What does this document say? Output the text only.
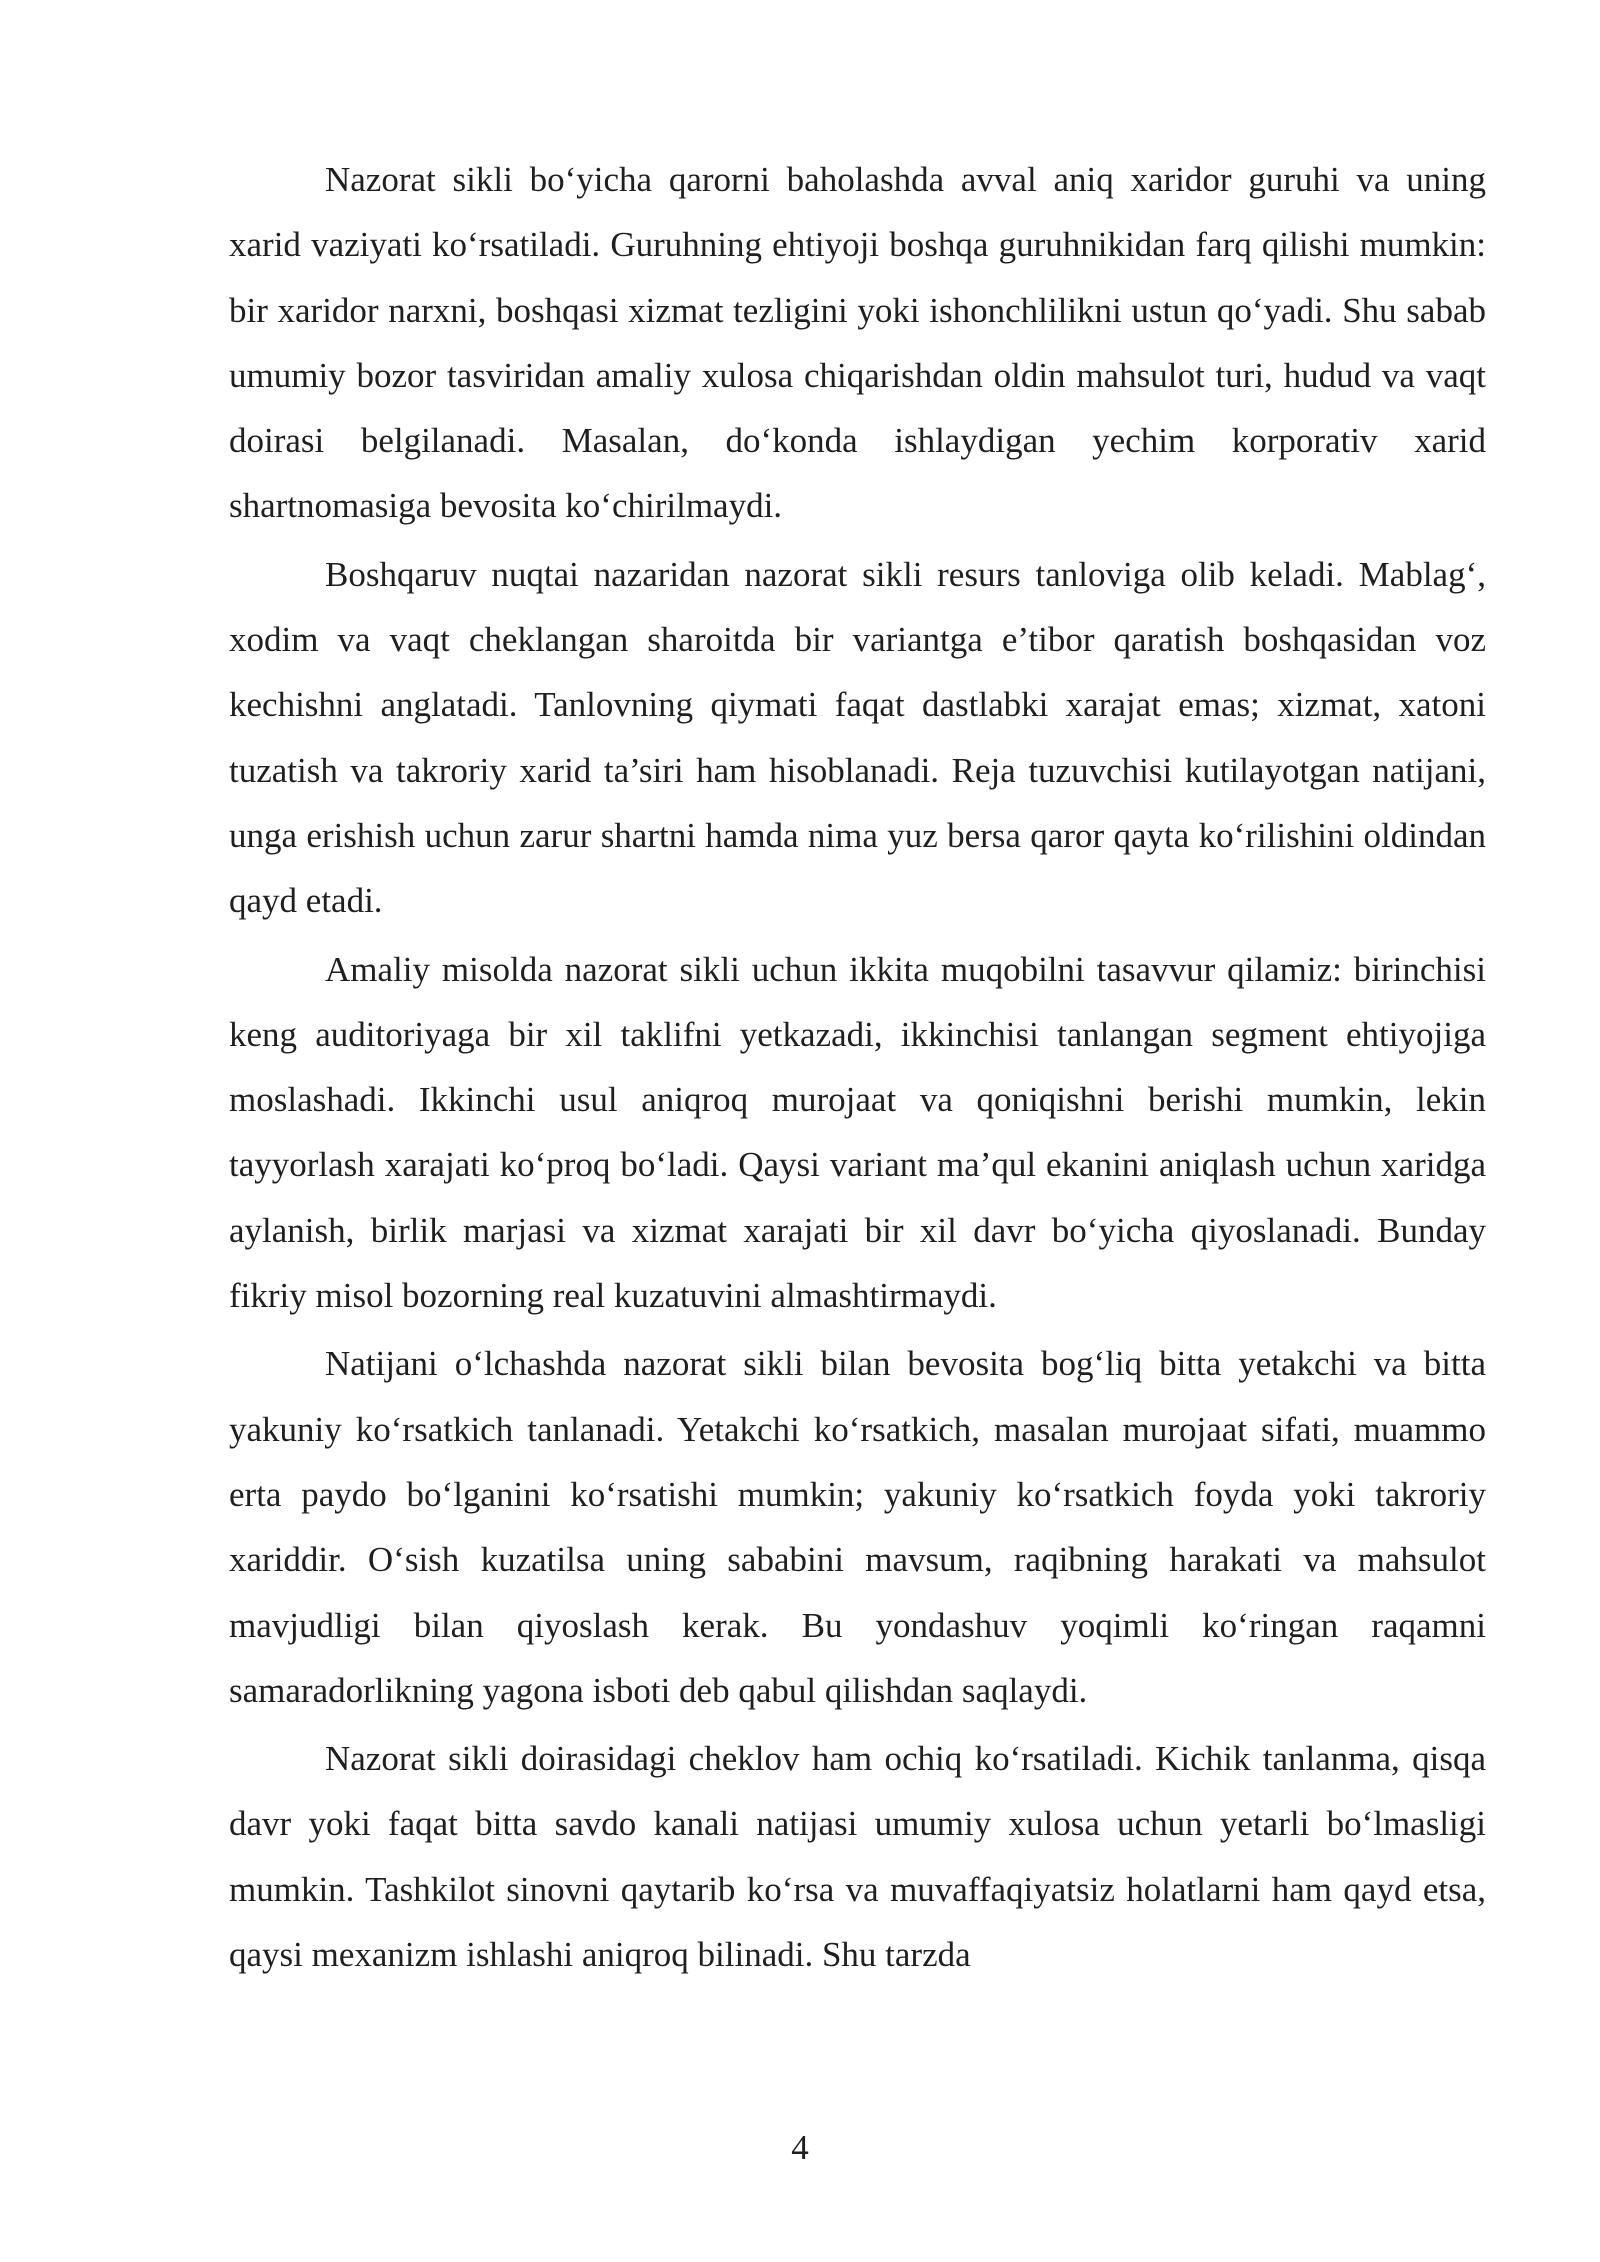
Nazorat sikli bo‘yicha qarorni baholashda avval aniq xaridor guruhi va uning xarid vaziyati ko‘rsatiladi. Guruhning ehtiyoji boshqa guruhnikidan farq qilishi mumkin: bir xaridor narxni, boshqasi xizmat tezligini yoki ishonchlilikni ustun qo‘yadi. Shu sabab umumiy bozor tasviridan amaliy xulosa chiqarishdan oldin mahsulot turi, hudud va vaqt doirasi belgilanadi. Masalan, do‘konda ishlaydigan yechim korporativ xarid shartnomasiga bevosita ko‘chirilmaydi.

Boshqaruv nuqtai nazaridan nazorat sikli resurs tanloviga olib keladi. Mablag‘, xodim va vaqt cheklangan sharoitda bir variantga e’tibor qaratish boshqasidan voz kechishni anglatadi. Tanlovning qiymati faqat dastlabki xarajat emas; xizmat, xatoni tuzatish va takroriy xarid ta’siri ham hisoblanadi. Reja tuzuvchisi kutilayotgan natijani, unga erishish uchun zarur shartni hamda nima yuz bersa qaror qayta ko‘rilishini oldindan qayd etadi.

Amaliy misolda nazorat sikli uchun ikkita muqobilni tasavvur qilamiz: birinchisi keng auditoriyaga bir xil taklifni yetkazadi, ikkinchisi tanlangan segment ehtiyojiga moslashadi. Ikkinchi usul aniqroq murojaat va qoniqishni berishi mumkin, lekin tayyorlash xarajati ko‘proq bo‘ladi. Qaysi variant ma’qul ekanini aniqlash uchun xaridga aylanish, birlik marjasi va xizmat xarajati bir xil davr bo‘yicha qiyoslanadi. Bunday fikriy misol bozorning real kuzatuvini almashtirmaydi.

Natijani o‘lchashda nazorat sikli bilan bevosita bog‘liq bitta yetakchi va bitta yakuniy ko‘rsatkich tanlanadi. Yetakchi ko‘rsatkich, masalan murojaat sifati, muammo erta paydo bo‘lganini ko‘rsatishi mumkin; yakuniy ko‘rsatkich foyda yoki takroriy xariddir. O‘sish kuzatilsa uning sababini mavsum, raqibning harakati va mahsulot mavjudligi bilan qiyoslash kerak. Bu yondashuv yoqimli ko‘ringan raqamni samaradorlikning yagona isboti deb qabul qilishdan saqlaydi.

Nazorat sikli doirasidagi cheklov ham ochiq ko‘rsatiladi. Kichik tanlanma, qisqa davr yoki faqat bitta savdo kanali natijasi umumiy xulosa uchun yetarli bo‘lmasligi mumkin. Tashkilot sinovni qaytarib ko‘rsa va muvaffaqiyatsiz holatlarni ham qayd etsa, qaysi mexanizm ishlashi aniqroq bilinadi. Shu tarzda

4
